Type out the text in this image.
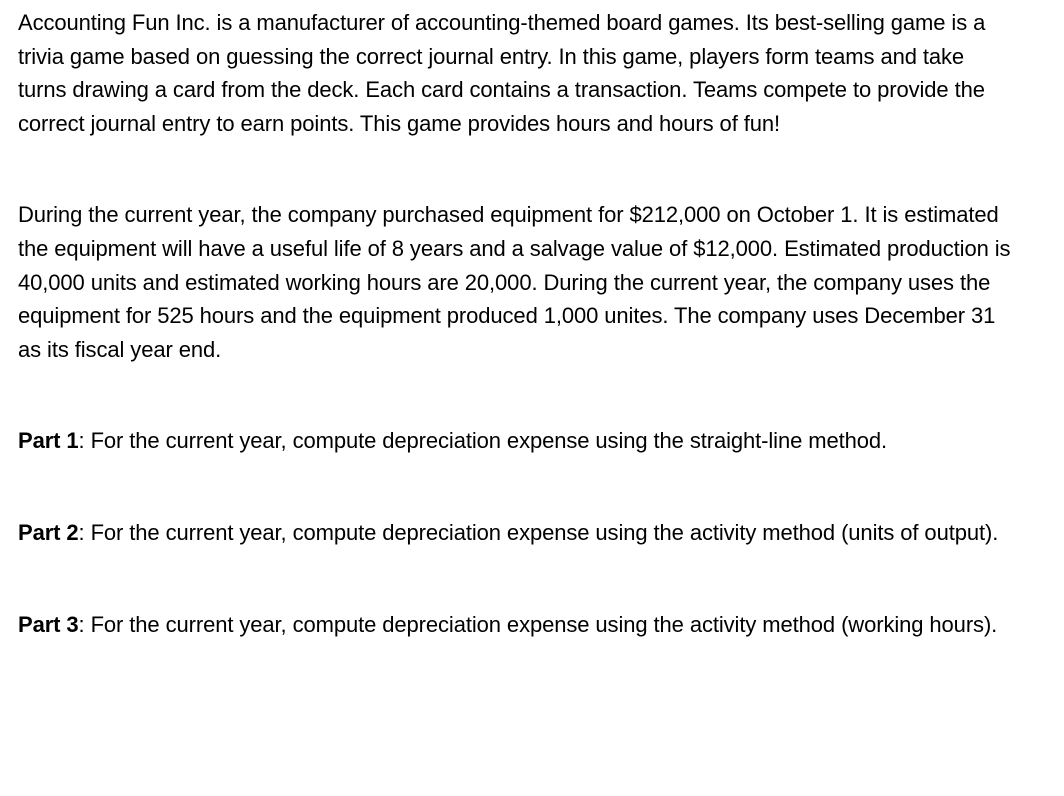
Accounting Fun Inc. is a manufacturer of accounting-themed board games. Its best-selling game is a trivia game based on guessing the correct journal entry. In this game, players form teams and take turns drawing a card from the deck. Each card contains a transaction. Teams compete to provide the correct journal entry to earn points. This game provides hours and hours of fun!

During the current year, the company purchased equipment for $212,000 on October 1. It is estimated the equipment will have a useful life of 8 years and a salvage value of $12,000. Estimated production is 40,000 units and estimated working hours are 20,000. During the current year, the company uses the equipment for 525 hours and the equipment produced 1,000 unites. The company uses December 31 as its fiscal year end.

Part 1: For the current year, compute depreciation expense using the straight-line method.

Part 2: For the current year, compute depreciation expense using the activity method (units of output).

Part 3: For the current year, compute depreciation expense using the activity method (working hours).
